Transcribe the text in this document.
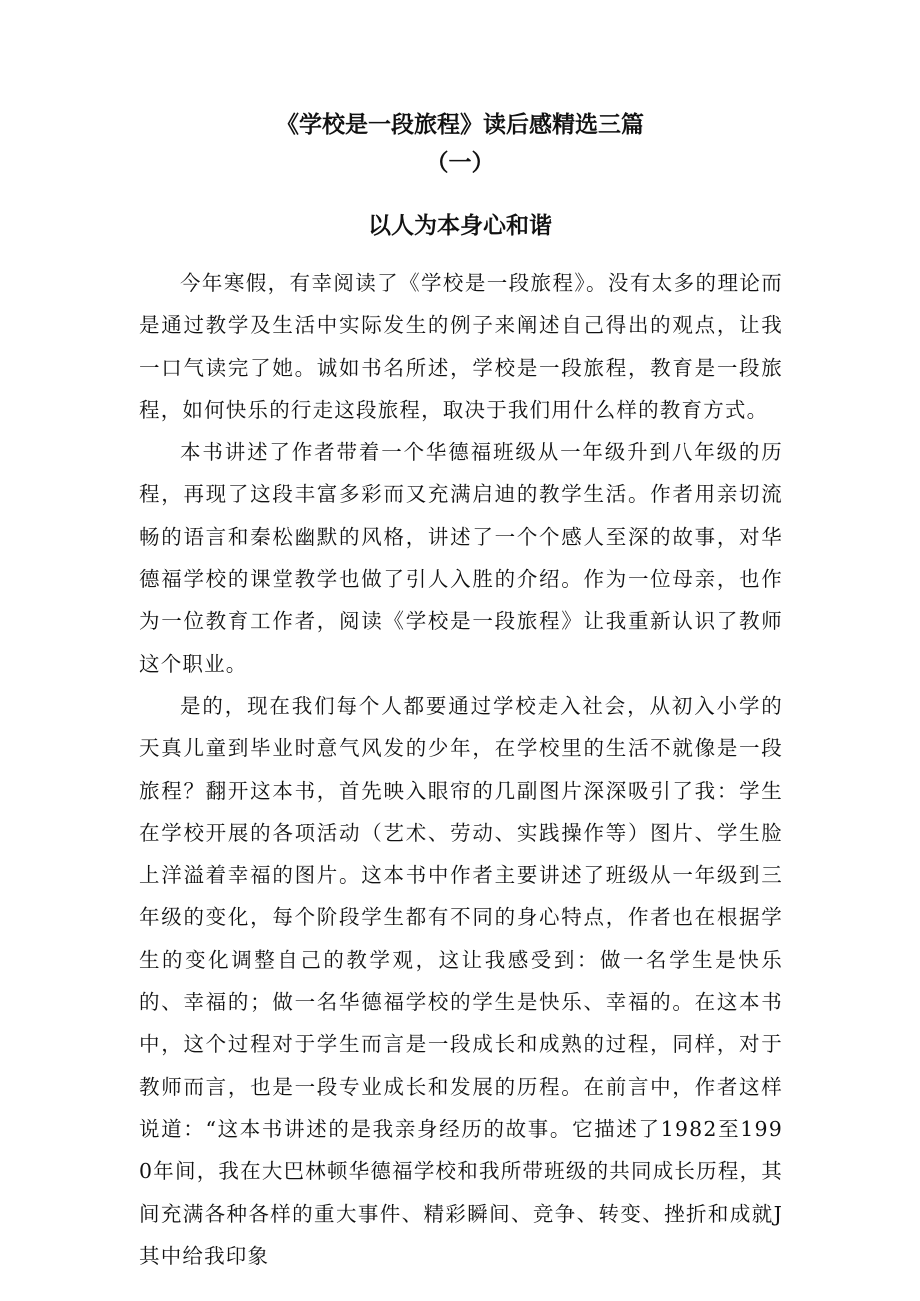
《学校是一段旅程》读后感精选三篇
（一）
以人为本身心和谐

今年寒假，有幸阅读了《学校是一段旅程》。没有太多的理论而是通过教学及生活中实际发生的例子来阐述自己得出的观点，让我一口气读完了她。诚如书名所述，学校是一段旅程，教育是一段旅程，如何快乐的行走这段旅程，取决于我们用什么样的教育方式。

本书讲述了作者带着一个华德福班级从一年级升到八年级的历程，再现了这段丰富多彩而又充满启迪的教学生活。作者用亲切流畅的语言和秦松幽默的风格，讲述了一个个感人至深的故事，对华德福学校的课堂教学也做了引人入胜的介绍。作为一位母亲，也作为一位教育工作者，阅读《学校是一段旅程》让我重新认识了教师这个职业。

是的，现在我们每个人都要通过学校走入社会，从初入小学的天真儿童到毕业时意气风发的少年，在学校里的生活不就像是一段旅程？翻开这本书，首先映入眼帘的几副图片深深吸引了我：学生在学校开展的各项活动（艺术、劳动、实践操作等）图片、学生脸上洋溢着幸福的图片。这本书中作者主要讲述了班级从一年级到三年级的变化，每个阶段学生都有不同的身心特点，作者也在根据学生的变化调整自己的教学观，这让我感受到：做一名学生是快乐的、幸福的；做一名华德福学校的学生是快乐、幸福的。在这本书中，这个过程对于学生而言是一段成长和成熟的过程，同样，对于教师而言，也是一段专业成长和发展的历程。在前言中，作者这样说道：“这本书讲述的是我亲身经历的故事。它描述了1982至1990年间，我在大巴林顿华德福学校和我所带班级的共同成长历程，其间充满各种各样的重大事件、精彩瞬间、竞争、转变、挫折和成就J其中给我印象
